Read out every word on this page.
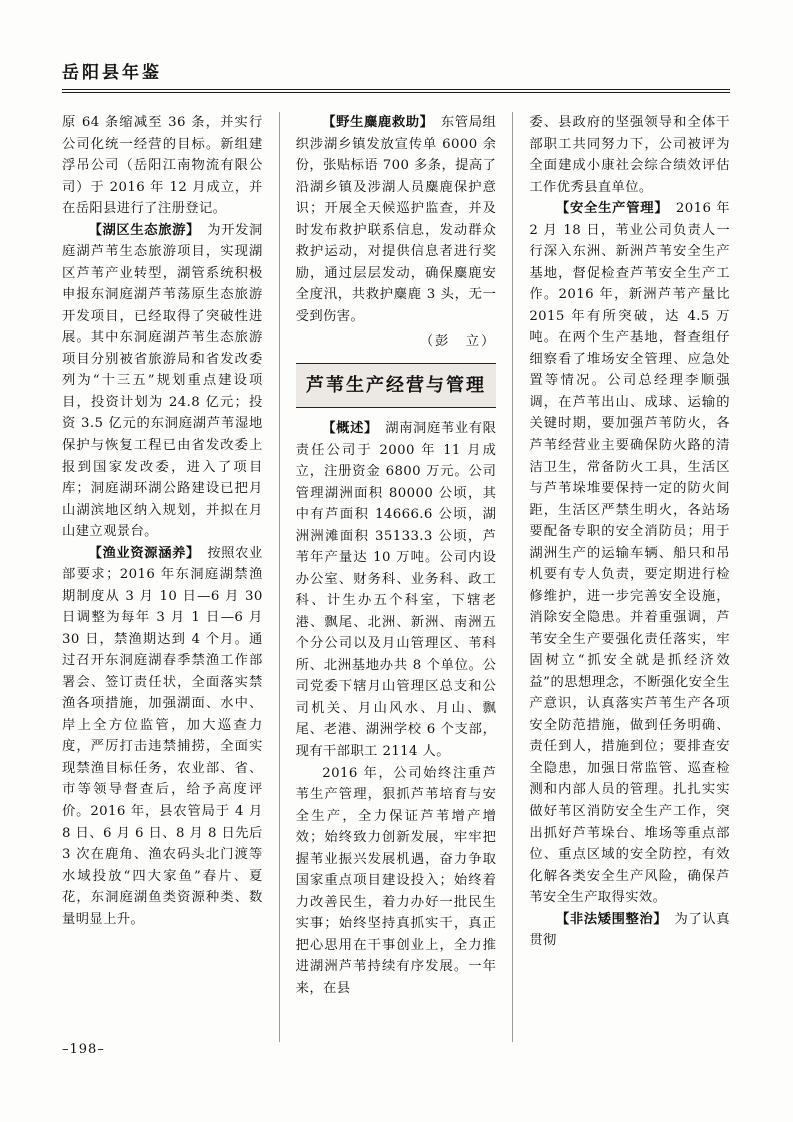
岳阳县年鉴

原 64 条缩减至 36 条，并实行公司化统一经营的目标。新组建浮吊公司（岳阳江南物流有限公司）于 2016 年 12 月成立，并在岳阳县进行了注册登记。

【湖区生态旅游】　 为开发洞庭湖芦苇生态旅游项目，实现湖区芦苇产业转型，湖管系统积极申报东洞庭湖芦苇荡原生态旅游开发项目，已经取得了突破性进展。其中东洞庭湖芦苇生态旅游项目分别被省旅游局和省发改委列为“十三五”规划重点建设项目，投资计划为 24.8 亿元；投资 3.5 亿元的东洞庭湖芦苇湿地保护与恢复工程已由省发改委上报到国家发改委，进入了项目库；洞庭湖环湖公路建设已把月山湖滨地区纳入规划，并拟在月山建立观景台。

【渔业资源涵养】　 按照农业部要求；2016 年东洞庭湖禁渔期制度从 3 月 10 日—6 月 30 日调整为每年 3 月 1 日—6 月 30 日，禁渔期达到 4 个月。通过召开东洞庭湖春季禁渔工作部署会、签订责任状，全面落实禁渔各项措施，加强湖面、水中、岸上全方位监管，加大巡查力度，严厉打击违禁捕捞，全面实现禁渔目标任务，农业部、省、市等领导督查后，给予高度评价。2016 年，县农管局于 4 月 8 日、6 月 6 日、8 月 8 日先后 3 次在鹿角、渔农码头北门渡等水域投放“四大家鱼”春片、夏花，东洞庭湖鱼类资源种类、数量明显上升。

【野生麋鹿救助】　 东管局组织涉湖乡镇发放宣传单 6000 余份，张贴标语 700 多条，提高了沿湖乡镇及涉湖人员麋鹿保护意识；开展全天候巡护监查，并及时发布救护联系信息，发动群众救护运动，对提供信息者进行奖励，通过层层发动，确保麋鹿安全度汛，共救护麋鹿 3 头，无一受到伤害。

（彭　立）
芦苇生产经营与管理

【概述】　 湖南洞庭苇业有限责任公司于 2000 年 11 月成立，注册资金 6800 万元。公司管理湖洲面积 80000 公顷，其中有芦面积 14666.6 公顷，湖洲洲滩面积 35133.3 公顷，芦苇年产量达 10 万吨。公司内设办公室、财务科、业务科、政工科、计生办五个科室，下辖老港、飘尾、北洲、新洲、南洲五个分公司以及月山管理区、苇科所、北洲基地办共 8 个单位。公司党委下辖月山管理区总支和公司机关、月山风水、月山、飘尾、老港、湖洲学校 6 个支部，现有干部职工 2114 人。

2016 年，公司始终注重芦苇生产管理，狠抓芦苇培育与安全生产，全力保证芦苇增产增效；始终致力创新发展，牢牢把握苇业振兴发展机遇，奋力争取国家重点项目建设投入；始终着力改善民生，着力办好一批民生实事；始终坚持真抓实干，真正把心思用在干事创业上，全力推进湖洲芦苇持续有序发展。一年来，在县

委、县政府的坚强领导和全体干部职工共同努力下，公司被评为全面建成小康社会综合绩效评估工作优秀县直单位。

【安全生产管理】　 2016 年 2 月 18 日，苇业公司负责人一行深入东洲、新洲芦苇安全生产基地，督促检查芦苇安全生产工作。2016 年，新洲芦苇产量比 2015 年有所突破，达 4.5 万吨。在两个生产基地，督查组仔细察看了堆场安全管理、应急处置等情况。公司总经理李顺强调，在芦苇出山、成球、运输的关键时期，要加强芦苇防火，各芦苇经营业主要确保防火路的清洁卫生，常备防火工具，生活区与芦苇垛堆要保持一定的防火间距，生活区严禁生明火，各站场要配备专职的安全消防员；用于湖洲生产的运输车辆、船只和吊机要有专人负责，要定期进行检修维护，进一步完善安全设施，消除安全隐患。并着重强调，芦苇安全生产要强化责任落实，牢固树立“抓安全就是抓经济效益”的思想理念，不断强化安全生产意识，认真落实芦苇生产各项安全防范措施，做到任务明确、责任到人，措施到位；要排查安全隐患，加强日常监管、巡查检测和内部人员的管理。扎扎实实做好苇区消防安全生产工作，突出抓好芦苇垛台、堆场等重点部位、重点区域的安全防控，有效化解各类安全生产风险，确保芦苇安全生产取得实效。

【非法矮围整治】　 为了认真贯彻

–198–
